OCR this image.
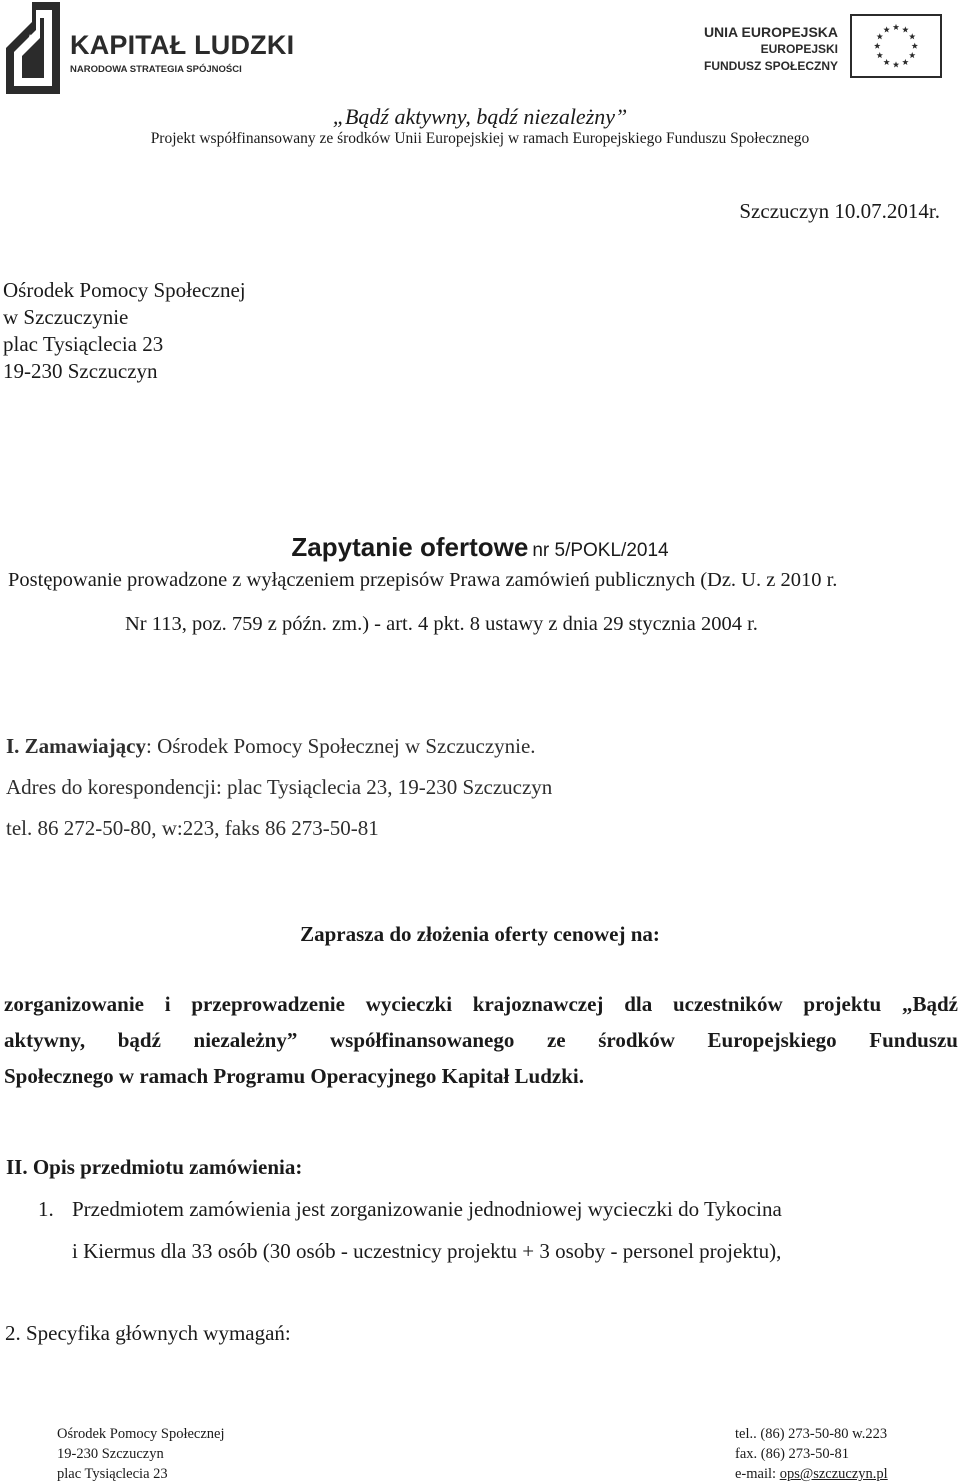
KAPITAŁ LUDZKI
NARODOWA STRATEGIA SPÓJNOŚCI
UNIA EUROPEJSKA
EUROPEJSKI
FUNDUSZ SPOŁECZNY
„Bądź aktywny, bądź niezależny”
Projekt współfinansowany ze środków Unii Europejskiej w ramach Europejskiego Funduszu Społecznego
Szczuczyn 10.07.2014r.
Ośrodek Pomocy Społecznej
w Szczuczynie
plac Tysiąclecia 23
19-230 Szczuczyn
Zapytanie ofertowe nr 5/POKL/2014
Postępowanie prowadzone z wyłączeniem przepisów Prawa zamówień publicznych (Dz. U. z 2010 r.
Nr 113, poz. 759 z późn. zm.) - art. 4 pkt. 8 ustawy z dnia 29 stycznia 2004 r.
I. Zamawiający: Ośrodek Pomocy Społecznej w Szczuczynie.
Adres do korespondencji: plac Tysiąclecia 23, 19-230 Szczuczyn
tel. 86 272-50-80, w:223, faks 86 273-50-81
Zaprasza do złożenia oferty cenowej na:
zorganizowanie i przeprowadzenie wycieczki krajoznawczej dla uczestników projektu „Bądź
aktywny, bądź niezależny” współfinansowanego ze środków Europejskiego Funduszu
Społecznego w ramach Programu Operacyjnego Kapitał Ludzki.
II. Opis przedmiotu zamówienia:
1. Przedmiotem zamówienia jest zorganizowanie jednodniowej wycieczki do Tykocina
i Kiermus dla 33 osób (30 osób - uczestnicy projektu + 3 osoby - personel projektu),
2. Specyfika głównych wymagań:
Ośrodek Pomocy Społecznej
19-230 Szczuczyn
plac Tysiąclecia 23
tel.. (86) 273-50-80 w.223
fax. (86) 273-50-81
e-mail: ops@szczuczyn.pl
